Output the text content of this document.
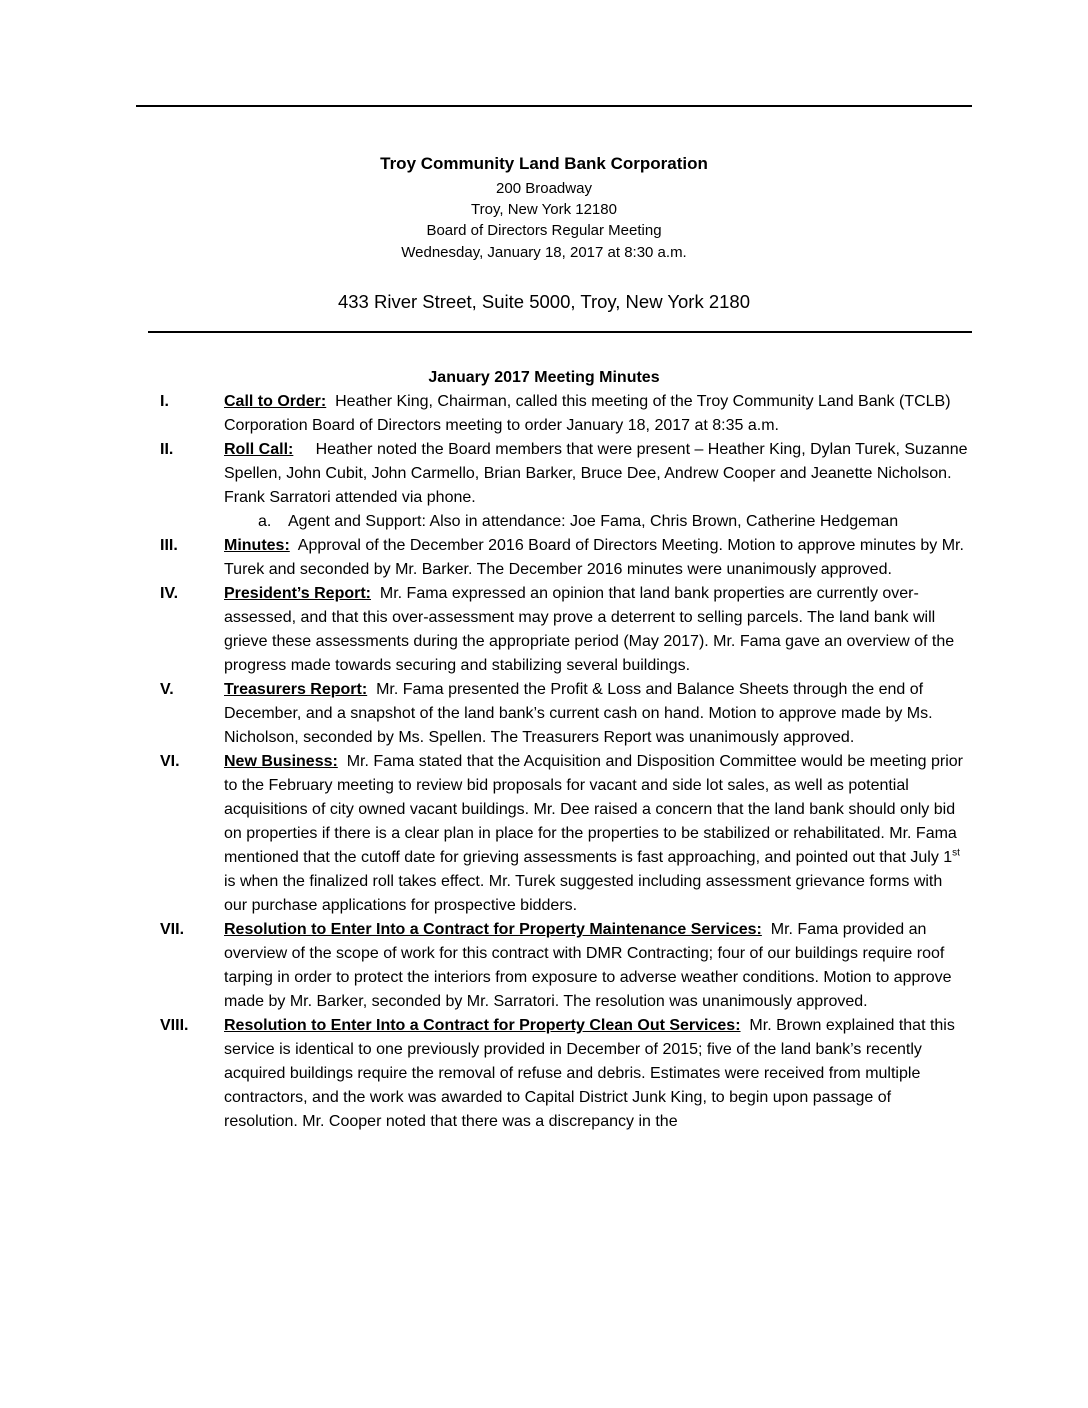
Troy Community Land Bank Corporation
200 Broadway
Troy, New York 12180
Board of Directors Regular Meeting
Wednesday, January 18, 2017 at 8:30 a.m.
433 River Street, Suite 5000, Troy, New York 2180
January 2017 Meeting Minutes
I.	Call to Order: Heather King, Chairman, called this meeting of the Troy Community Land Bank (TCLB) Corporation Board of Directors meeting to order January 18, 2017 at 8:35 a.m.
II.	Roll Call: Heather noted the Board members that were present – Heather King, Dylan Turek, Suzanne Spellen, John Cubit, John Carmello, Brian Barker, Bruce Dee, Andrew Cooper and Jeanette Nicholson. Frank Sarratori attended via phone.
a. Agent and Support: Also in attendance: Joe Fama, Chris Brown, Catherine Hedgeman
III.	Minutes: Approval of the December 2016 Board of Directors Meeting. Motion to approve minutes by Mr. Turek and seconded by Mr. Barker. The December 2016 minutes were unanimously approved.
IV.	President’s Report: Mr. Fama expressed an opinion that land bank properties are currently over-assessed, and that this over-assessment may prove a deterrent to selling parcels. The land bank will grieve these assessments during the appropriate period (May 2017). Mr. Fama gave an overview of the progress made towards securing and stabilizing several buildings.
V.	Treasurers Report: Mr. Fama presented the Profit & Loss and Balance Sheets through the end of December, and a snapshot of the land bank’s current cash on hand. Motion to approve made by Ms. Nicholson, seconded by Ms. Spellen. The Treasurers Report was unanimously approved.
VI.	New Business: Mr. Fama stated that the Acquisition and Disposition Committee would be meeting prior to the February meeting to review bid proposals for vacant and side lot sales, as well as potential acquisitions of city owned vacant buildings. Mr. Dee raised a concern that the land bank should only bid on properties if there is a clear plan in place for the properties to be stabilized or rehabilitated. Mr. Fama mentioned that the cutoff date for grieving assessments is fast approaching, and pointed out that July 1st is when the finalized roll takes effect. Mr. Turek suggested including assessment grievance forms with our purchase applications for prospective bidders.
VII. Resolution to Enter Into a Contract for Property Maintenance Services: Mr. Fama provided an overview of the scope of work for this contract with DMR Contracting; four of our buildings require roof tarping in order to protect the interiors from exposure to adverse weather conditions. Motion to approve made by Mr. Barker, seconded by Mr. Sarratori. The resolution was unanimously approved.
VIII. Resolution to Enter Into a Contract for Property Clean Out Services: Mr. Brown explained that this service is identical to one previously provided in December of 2015; five of the land bank’s recently acquired buildings require the removal of refuse and debris. Estimates were received from multiple contractors, and the work was awarded to Capital District Junk King, to begin upon passage of resolution. Mr. Cooper noted that there was a discrepancy in the
